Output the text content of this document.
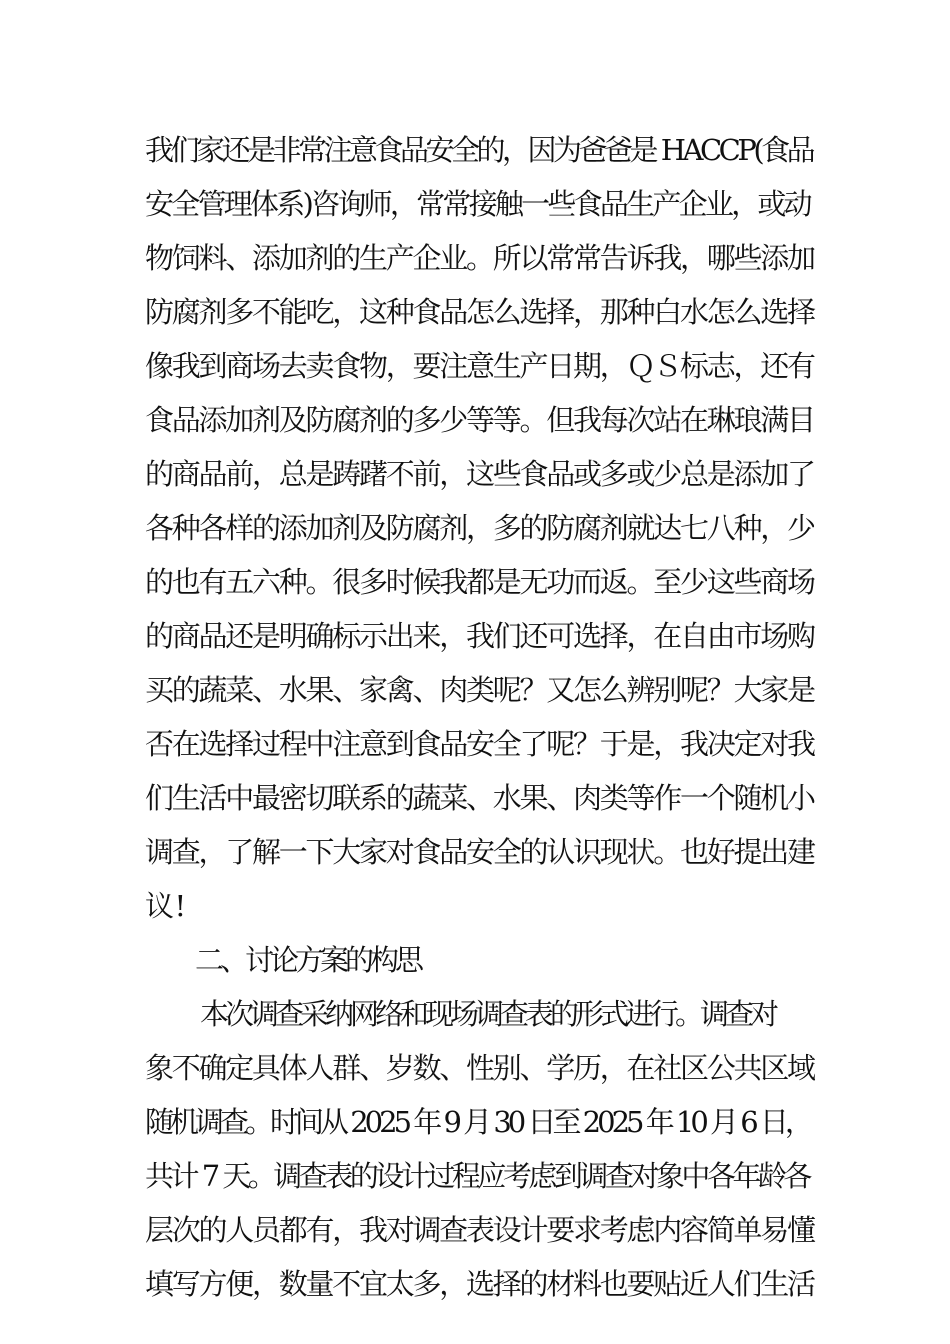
我们家还是非常注意食品安全的，因为爸爸是 HACCP(食品
安全管理体系)咨询师，常常接触一些食品生产企业，或动
物饲料、添加剂的生产企业。所以常常告诉我，哪些添加
防腐剂多不能吃，这种食品怎么选择，那种白水怎么选择
像我到商场去卖食物，要注意生产日期，ＱＳ标志，还有
食品添加剂及防腐剂的多少等等。但我每次站在琳琅满目
的商品前，总是踌躇不前，这些食品或多或少总是添加了
各种各样的添加剂及防腐剂，多的防腐剂就达七八种，少
的也有五六种。很多时候我都是无功而返。至少这些商场
的商品还是明确标示出来，我们还可选择，在自由市场购
买的蔬菜、水果、家禽、肉类呢？又怎么辨别呢？大家是
否在选择过程中注意到食品安全了呢？于是，我决定对我
们生活中最密切联系的蔬菜、水果、肉类等作一个随机小
调查，了解一下大家对食品安全的认识现状。也好提出建
议!
二、讨论方案的构思
本次调查采纳网络和现场调查表的形式进行。调查对
象不确定具体人群、岁数、性别、学历，在社区公共区域
随机调查。时间从 2025 年 9 月 30 日至 2025 年 10 月 6 日，
共计 7 天。调查表的设计过程应考虑到调查对象中各年龄各
层次的人员都有，我对调查表设计要求考虑内容简单易懂
填写方便，数量不宜太多，选择的材料也要贴近人们生活
